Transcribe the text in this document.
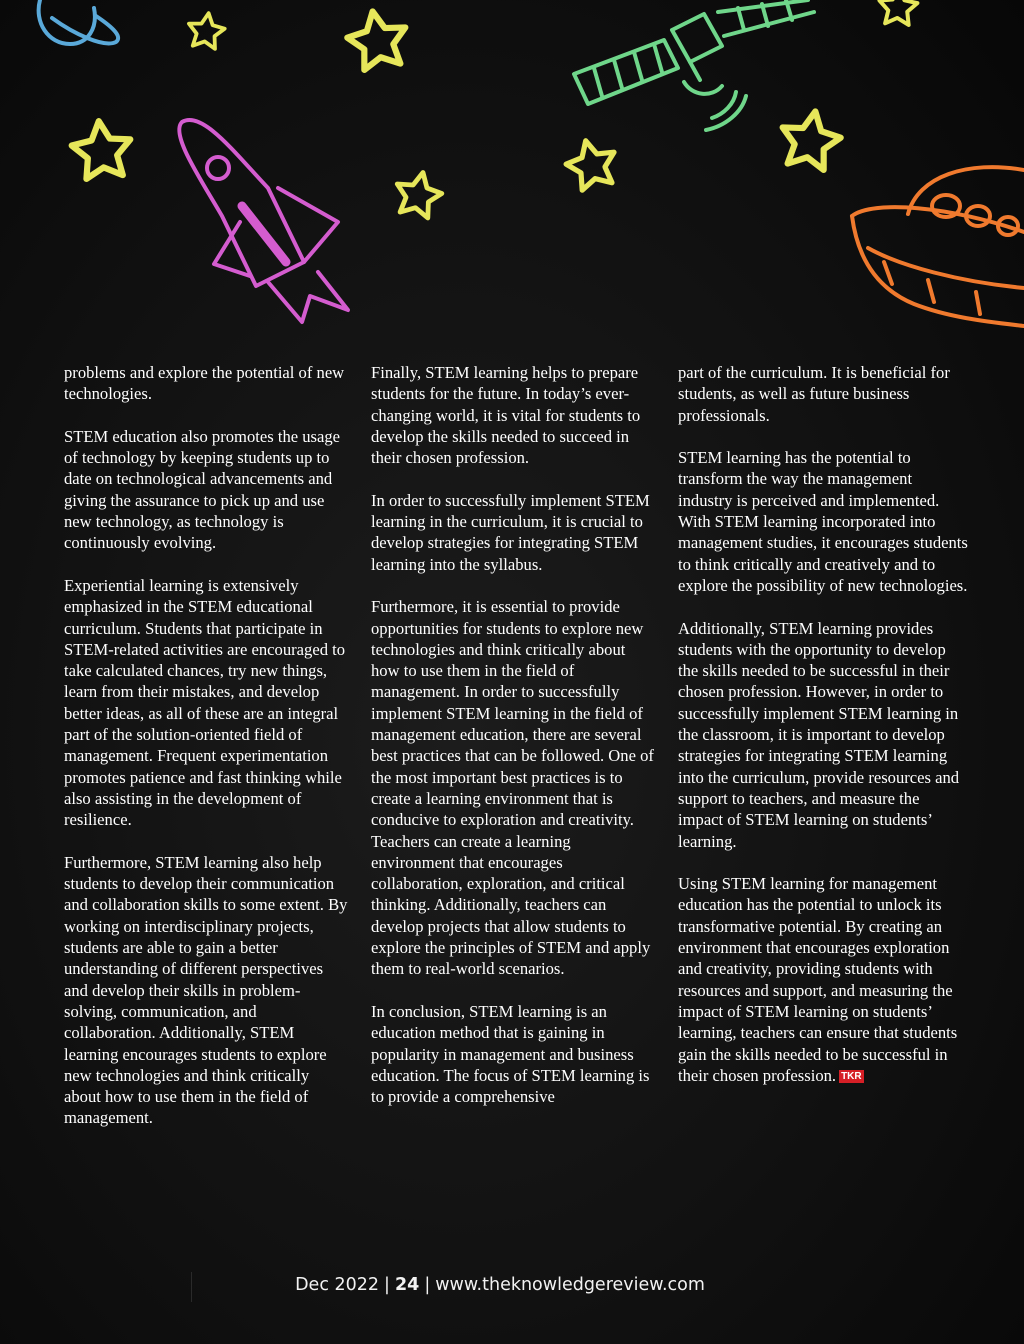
problems and explore the potential of new technologies.

STEM education also promotes the usage of technology by keeping students up to date on technological advancements and giving the assurance to pick up and use new technology, as technology is continuously evolving.

Experiential learning is extensively emphasized in the STEM educational curriculum. Students that participate in STEM-related activities are encouraged to take calculated chances, try new things, learn from their mistakes, and develop better ideas, as all of these are an integral part of the solution-oriented field of management. Frequent experimentation promotes patience and fast thinking while also assisting in the development of resilience.

Furthermore, STEM learning also help students to develop their communication and collaboration skills to some extent. By working on interdisciplinary projects, students are able to gain a better understanding of different perspectives and develop their skills in problem-solving, communication, and collaboration. Additionally, STEM learning encourages students to explore new technologies and think critically about how to use them in the field of management.

Finally, STEM learning helps to prepare students for the future. In today’s ever-changing world, it is vital for students to develop the skills needed to succeed in their chosen profession.

In order to successfully implement STEM learning in the curriculum, it is crucial to develop strategies for integrating STEM learning into the syllabus.

Furthermore, it is essential to provide opportunities for students to explore new technologies and think critically about how to use them in the field of management. In order to successfully implement STEM learning in the field of management education, there are several best practices that can be followed. One of the most important best practices is to create a learning environment that is conducive to exploration and creativity. Teachers can create a learning environment that encourages collaboration, exploration, and critical thinking. Additionally, teachers can develop projects that allow students to explore the principles of STEM and apply them to real-world scenarios.

In conclusion, STEM learning is an education method that is gaining in popularity in management and business education. The focus of STEM learning is to provide a comprehensive

part of the curriculum. It is beneficial for students, as well as future business professionals.

STEM learning has the potential to transform the way the management industry is perceived and implemented. With STEM learning incorporated into management studies, it encourages students to think critically and creatively and to explore the possibility of new technologies.

Additionally, STEM learning provides students with the opportunity to develop the skills needed to be successful in their chosen profession. However, in order to successfully implement STEM learning in the classroom, it is important to develop strategies for integrating STEM learning into the curriculum, provide resources and support to teachers, and measure the impact of STEM learning on students’ learning.

Using STEM learning for management education has the potential to unlock its transformative potential. By creating an environment that encourages exploration and creativity, providing students with resources and support, and measuring the impact of STEM learning on students’ learning, teachers can ensure that students gain the skills needed to be successful in their chosen profession. TKR

Dec 2022 | 24 | www.theknowledgereview.com
